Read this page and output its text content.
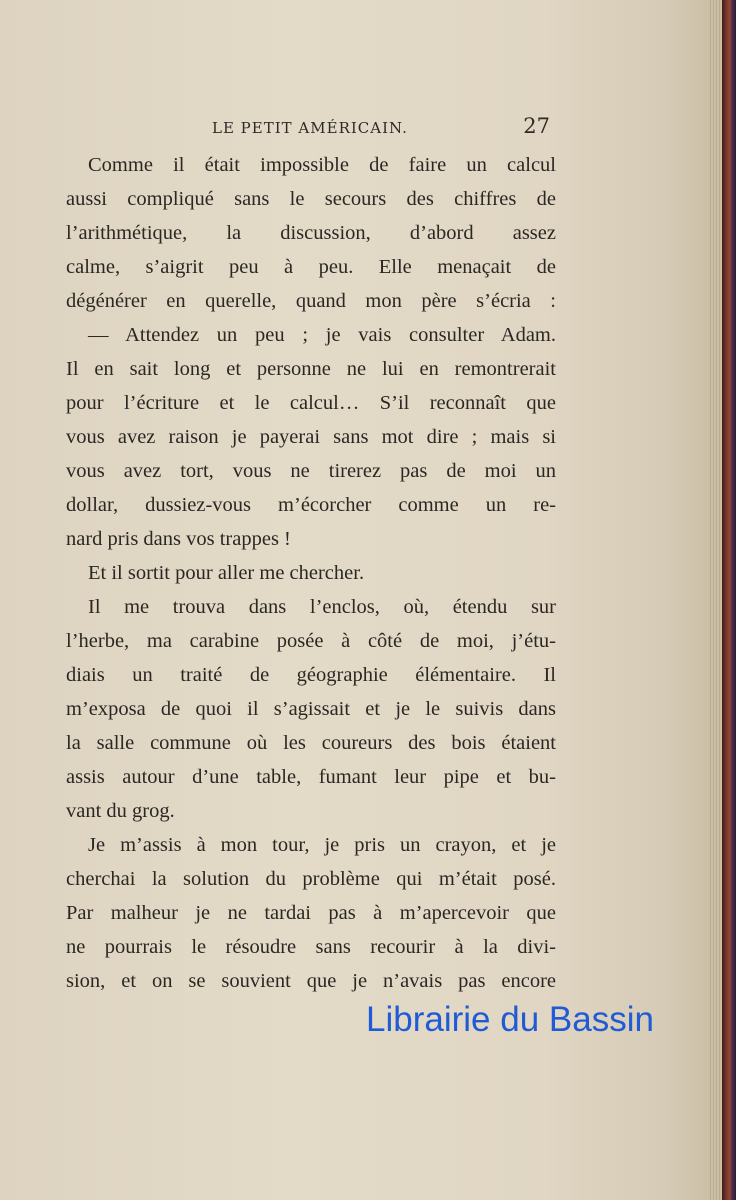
LE PETIT AMÉRICAIN.	27
Comme il était impossible de faire un calcul
aussi compliqué sans le secours des chiffres de
l’arithmétique, la discussion, d’abord assez
calme, s’aigrit peu à peu. Elle menaçait de
dégénérer en querelle, quand mon père s’écria :
— Attendez un peu ; je vais consulter Adam.
Il en sait long et personne ne lui en remontrerait
pour l’écriture et le calcul… S’il reconnaît que
vous avez raison je payerai sans mot dire ; mais si
vous avez tort, vous ne tirerez pas de moi un
dollar, dussiez-vous m’écorcher comme un re-
nard pris dans vos trappes !
Et il sortit pour aller me chercher.
Il me trouva dans l’enclos, où, étendu sur
l’herbe, ma carabine posée à côté de moi, j’étu-
diais un traité de géographie élémentaire. Il
m’exposa de quoi il s’agissait et je le suivis dans
la salle commune où les coureurs des bois étaient
assis autour d’une table, fumant leur pipe et bu-
vant du grog.
Je m’assis à mon tour, je pris un crayon, et je
cherchai la solution du problème qui m’était posé.
Par malheur je ne tardai pas à m’apercevoir que
ne pourrais le résoudre sans recourir à la divi-
sion, et on se souvient que je n’avais pas encore
Librairie du Bassin
